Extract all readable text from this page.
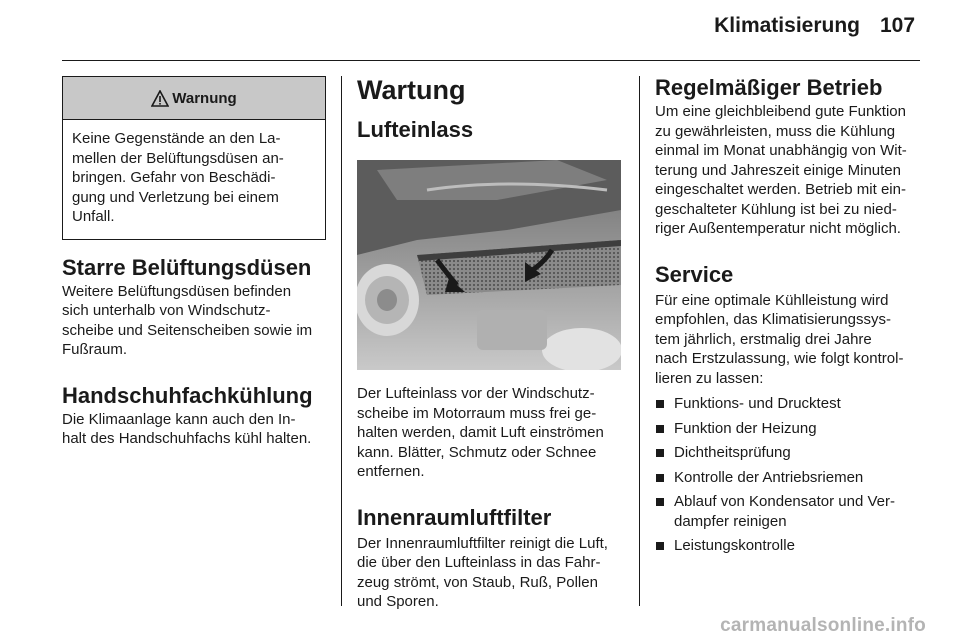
Klimatisierung 107
Warnung
Keine Gegenstände an den La-
mellen der Belüftungsdüsen an-
bringen. Gefahr von Beschädi-
gung und Verletzung bei einem
Unfall.
Starre Belüftungsdüsen

Weitere Belüftungsdüsen befinden
sich unterhalb von Windschutz-
scheibe und Seitenscheiben sowie im
Fußraum.

Handschuhfachkühlung

Die Klimaanlage kann auch den In-
halt des Handschuhfachs kühl halten.

Wartung
Lufteinlass

Der Lufteinlass vor der Windschutz-
scheibe im Motorraum muss frei ge-
halten werden, damit Luft einströmen
kann. Blätter, Schmutz oder Schnee
entfernen.

Innenraumluftfilter

Der Innenraumluftfilter reinigt die Luft,
die über den Lufteinlass in das Fahr-
zeug strömt, von Staub, Ruß, Pollen
und Sporen.

Regelmäßiger Betrieb

Um eine gleichbleibend gute Funktion
zu gewährleisten, muss die Kühlung
einmal im Monat unabhängig von Wit-
terung und Jahreszeit einige Minuten
eingeschaltet werden. Betrieb mit ein-
geschalteter Kühlung ist bei zu nied-
riger Außentemperatur nicht möglich.

Service

Für eine optimale Kühlleistung wird
empfohlen, das Klimatisierungssys-
tem jährlich, erstmalig drei Jahre
nach Erstzulassung, wie folgt kontrol-
lieren zu lassen:

Funktions- und Drucktest
Funktion der Heizung
Dichtheitsprüfung
Kontrolle der Antriebsriemen
Ablauf von Kondensator und Ver-
dampfer reinigen
Leistungskontrolle
carmanualsonline.info
